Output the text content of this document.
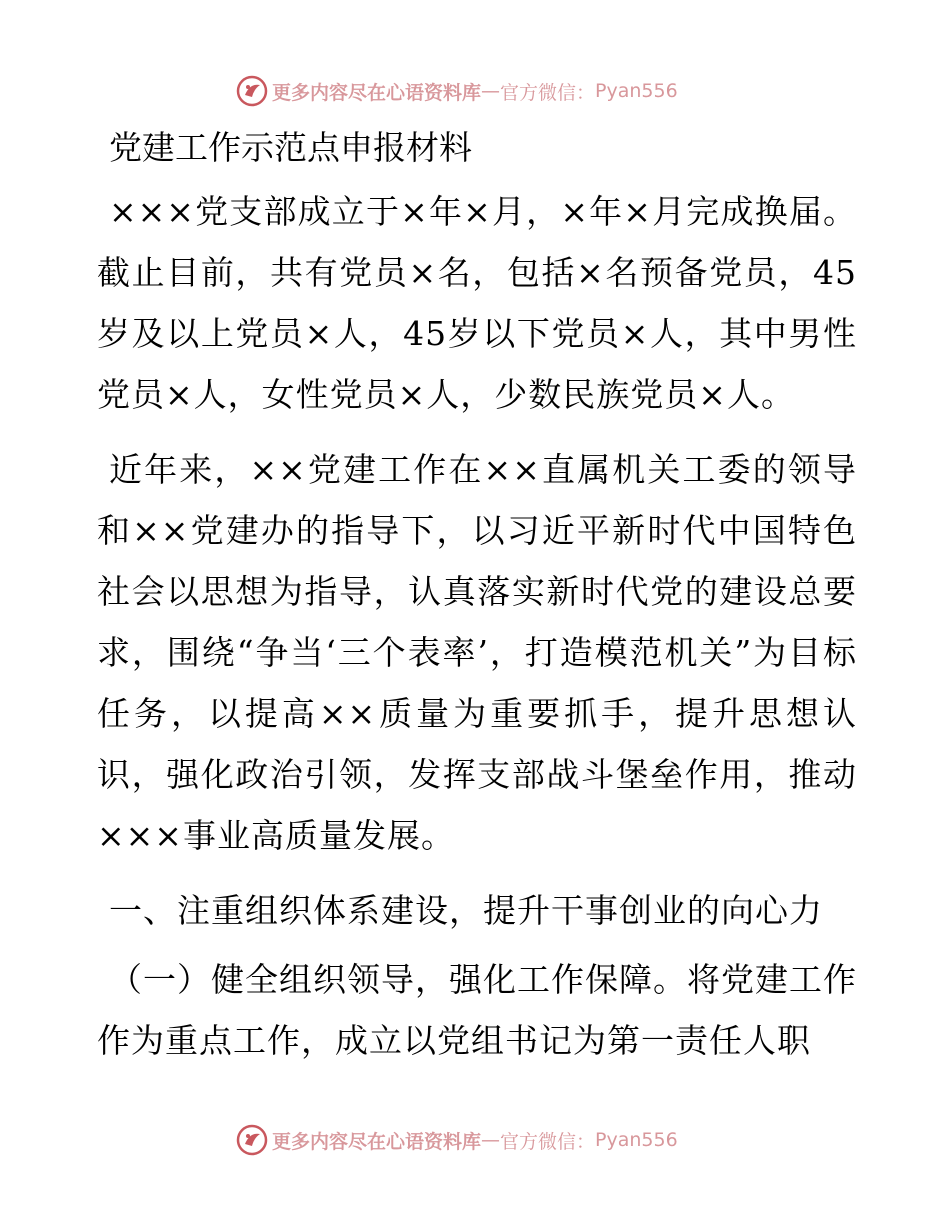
更多内容尽在心语资料库 — 官方微信： Pyan556
党建工作示范点申报材料

×××党支部成立于×年×月，×年×月完成换届。截止目前，共有党员×名，包括×名预备党员，45岁及以上党员×人，45岁以下党员×人，其中男性党员×人，女性党员×人，少数民族党员×人。

近年来，××党建工作在××直属机关工委的领导和××党建办的指导下，以习近平新时代中国特色社会以思想为指导，认真落实新时代党的建设总要求，围绕“争当‘三个表率’，打造模范机关”为目标任务，以提高××质量为重要抓手，提升思想认识，强化政治引领，发挥支部战斗堡垒作用，推动×××事业高质量发展。

一、注重组织体系建设，提升干事创业的向心力

（一）健全组织领导，强化工作保障。将党建工作作为重点工作，成立以党组书记为第一责任人职

更多内容尽在心语资料库 — 官方微信： Pyan556
